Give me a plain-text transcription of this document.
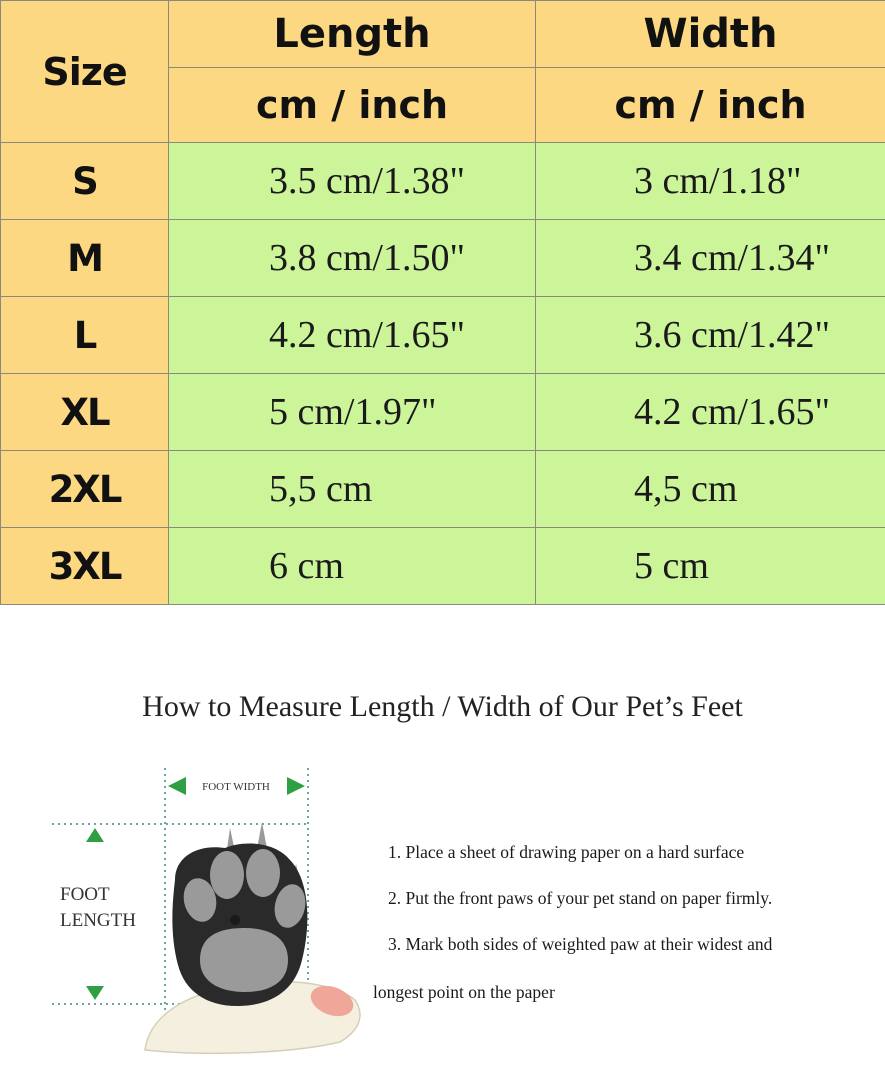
Size	Length	Width
	cm / inch	cm / inch
S	3.5 cm/1.38"	3 cm/1.18"
M	3.8 cm/1.50"	3.4 cm/1.34"
L	4.2 cm/1.65"	3.6 cm/1.42"
XL	5 cm/1.97"	4.2 cm/1.65"
2XL	5,5 cm	4,5 cm
3XL	6 cm	5 cm
How to Measure Length / Width of Our Pet’s Feet
FOOT WIDTH
FOOT
LENGTH
1. Place a sheet of drawing paper on a hard surface
2. Put the front paws of your pet stand on paper firmly.
3. Mark both sides of weighted paw at their widest and
longest point on the paper
